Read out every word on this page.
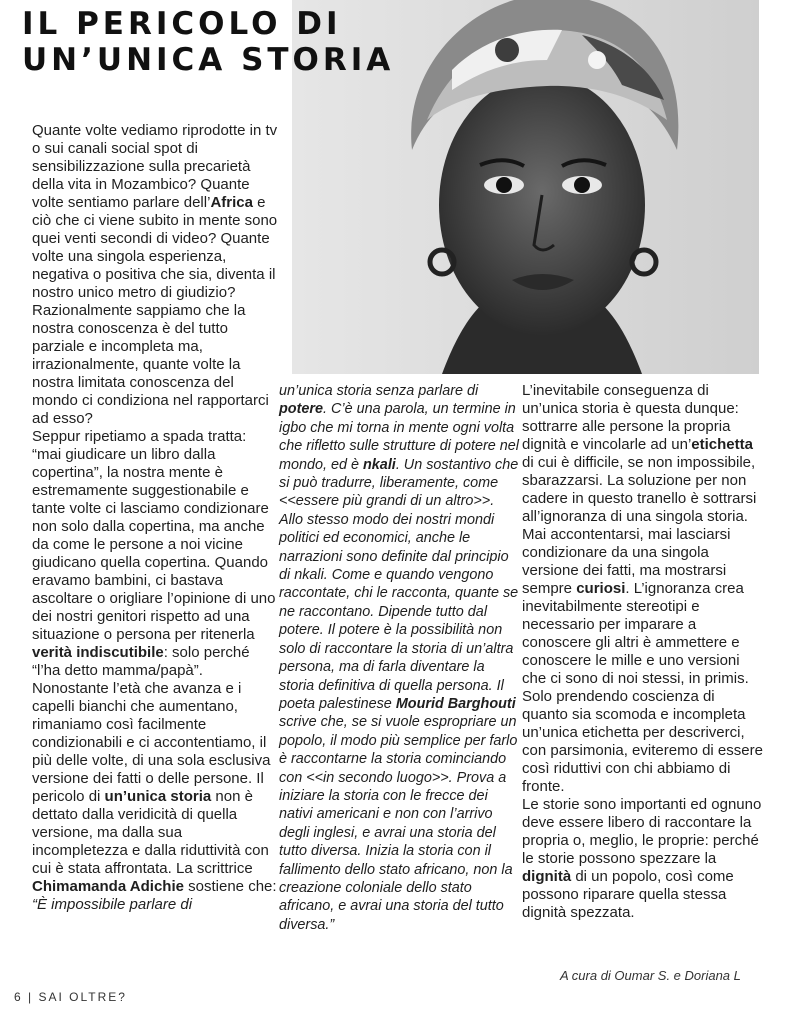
IL PERICOLO DI
UN’UNICA STORIA

Quante volte vediamo riprodotte in tv o sui canali social spot di sensibilizzazione sulla precarietà della vita in Mozambico? Quante volte sentiamo parlare dell’Africa e ciò che ci viene subito in mente sono quei venti secondi di video? Quante volte una singola esperienza, negativa o positiva che sia, diventa il nostro unico metro di giudizio? Razionalmente sappiamo che la nostra conoscenza è del tutto parziale e incompleta ma, irrazionalmente, quante volte la nostra limitata conoscenza del mondo ci condiziona nel rapportarci ad esso?

Seppur ripetiamo a spada tratta: “mai giudicare un libro dalla copertina”, la nostra mente è estremamente suggestionabile e tante volte ci lasciamo condizionare non solo dalla copertina, ma anche da come le persone a noi vicine giudicano quella copertina. Quando eravamo bambini, ci bastava ascoltare o origliare l’opinione di uno dei nostri genitori rispetto ad una situazione o persona per ritenerla verità indiscutibile: solo perché “l’ha detto mamma/papà”. Nonostante l’età che avanza e i capelli bianchi che aumentano, rimaniamo così facilmente condizionabili e ci accontentiamo, il più delle volte, di una sola esclusiva versione dei fatti o delle persone. Il pericolo di un’unica storia non è dettato dalla veridicità di quella versione, ma dalla sua incompletezza e dalla riduttività con cui è stata affrontata. La scrittrice Chimamanda Adichie sostiene che: “È impossibile parlare di

un’unica storia senza parlare di potere. C’è una parola, un termine in igbo che mi torna in mente ogni volta che rifletto sulle strutture di potere nel mondo, ed è nkali. Un sostantivo che si può tradurre, liberamente, come <<essere più grandi di un altro>>. Allo stesso modo dei nostri mondi politici ed economici, anche le narrazioni sono definite dal principio di nkali. Come e quando vengono raccontate, chi le racconta, quante se ne raccontano. Dipende tutto dal potere. Il potere è la possibilità non solo di raccontare la storia di un’altra persona, ma di farla diventare la storia definitiva di quella persona. Il poeta palestinese Mourid Barghouti scrive che, se si vuole espropriare un popolo, il modo più semplice per farlo è raccontarne la storia cominciando con <<in secondo luogo>>. Prova a iniziare la storia con le frecce dei nativi americani e non con l’arrivo degli inglesi, e avrai una storia del tutto diversa. Inizia la storia con il fallimento dello stato africano, non la creazione coloniale dello stato africano, e avrai una storia del tutto diversa.”

L’inevitabile conseguenza di un’unica storia è questa dunque: sottrarre alle persone la propria dignità e vincolarle ad un’etichetta di cui è difficile, se non impossibile, sbarazzarsi. La soluzione per non cadere in questo tranello è sottrarsi all’ignoranza di una singola storia. Mai accontentarsi, mai lasciarsi condizionare da una singola versione dei fatti, ma mostrarsi sempre curiosi. L’ignoranza crea inevitabilmente stereotipi e necessario per imparare a conoscere gli altri è ammettere e conoscere le mille e uno versioni che ci sono di noi stessi, in primis. Solo prendendo coscienza di quanto sia scomoda e incompleta un’unica etichetta per descriverci, con parsimonia, eviteremo di essere così riduttivi con chi abbiamo di fronte.

Le storie sono importanti ed ognuno deve essere libero di raccontare la propria o, meglio, le proprie: perché le storie possono spezzare la dignità di un popolo, così come possono riparare quella stessa dignità spezzata.

A cura di Oumar S. e Doriana L
6 | SAI OLTRE?
